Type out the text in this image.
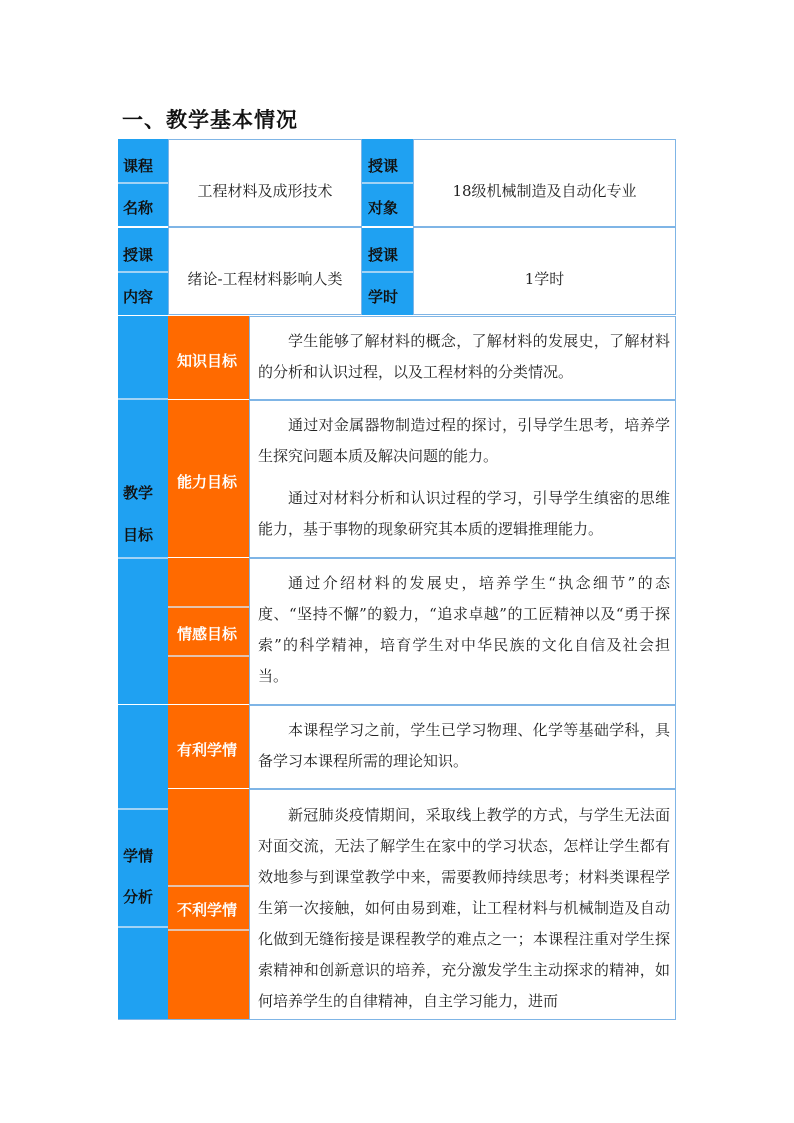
一、教学基本情况
课程
名称
工程材料及成形技术
授课
对象
18级机械制造及自动化专业
授课
内容
绪论-工程材料影响人类
授课
学时
1学时
教学
目标
知识目标

学生能够了解材料的概念，了解材料的发展史，了解材料的分析和认识过程，以及工程材料的分类情况。

能力目标

通过对金属器物制造过程的探讨，引导学生思考，培养学生探究问题本质及解决问题的能力。

通过对材料分析和认识过程的学习，引导学生缜密的思维能力，基于事物的现象研究其本质的逻辑推理能力。

情感目标

通过介绍材料的发展史，培养学生“执念细节”的态度、“坚持不懈”的毅力，“追求卓越”的工匠精神以及“勇于探索”的科学精神，培育学生对中华民族的文化自信及社会担当。

学情
分析
有利学情

本课程学习之前，学生已学习物理、化学等基础学科，具备学习本课程所需的理论知识。

不利学情

新冠肺炎疫情期间，采取线上教学的方式，与学生无法面对面交流，无法了解学生在家中的学习状态，怎样让学生都有效地参与到课堂教学中来，需要教师持续思考；材料类课程学生第一次接触，如何由易到难，让工程材料与机械制造及自动化做到无缝衔接是课程教学的难点之一；本课程注重对学生探索精神和创新意识的培养，充分激发学生主动探求的精神，如何培养学生的自律精神，自主学习能力，进而
